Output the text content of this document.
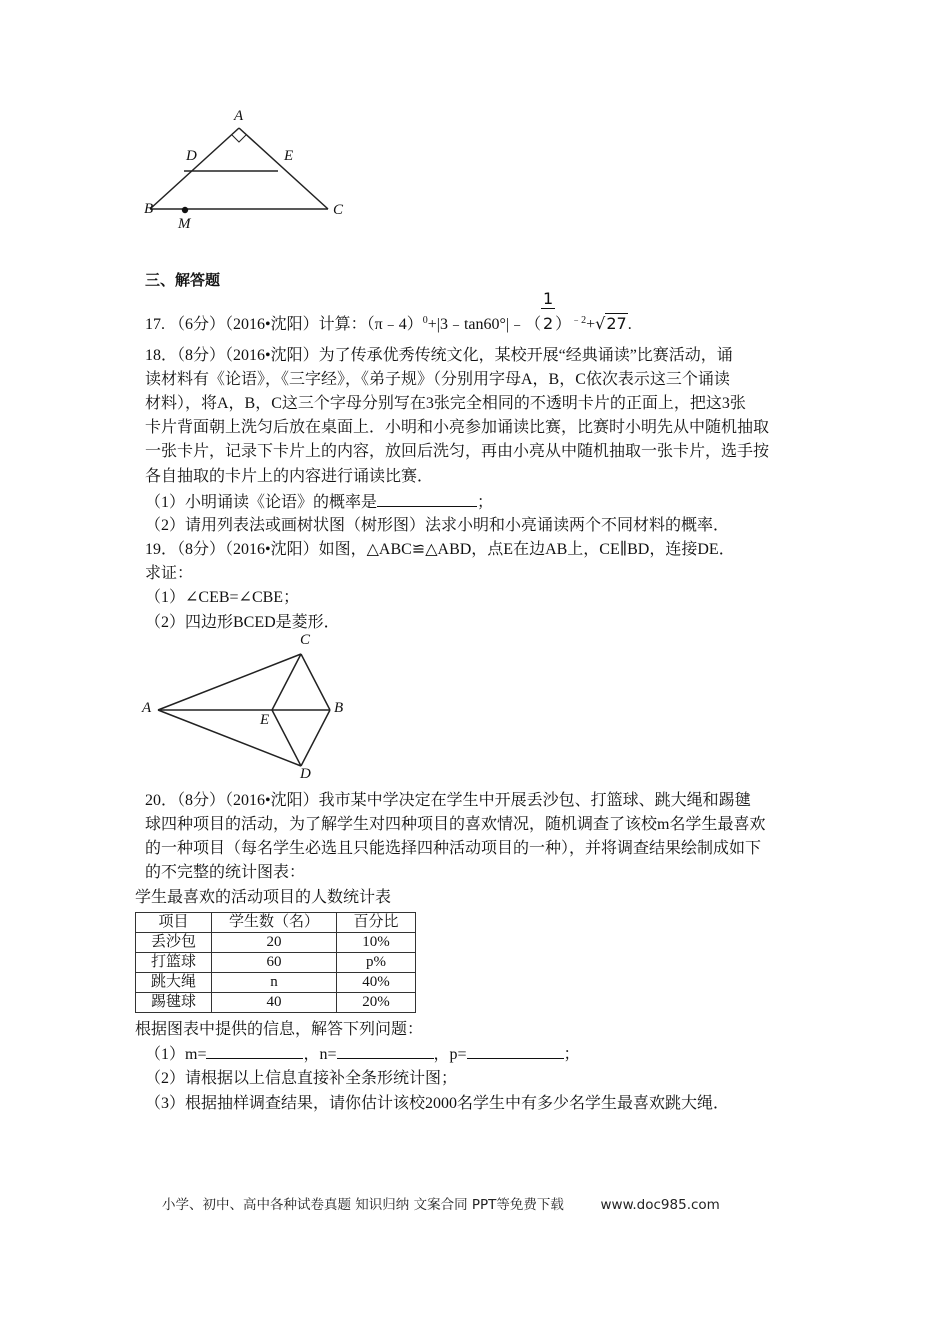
A
D	E
B	C
M
三、解答题
17. （6分）（2016•沈阳）计算：（π﹣4）$^0$+|3﹣tan60°|﹣（ $\frac{1}{2})^{﹣2}+√27$.
18．（8分）（2016•沈阳）为了传承优秀传统文化，某校开展“经典诵读”比赛活动，诵
读材料有《论语》，《三字经》，《弟子规》（分别用字母A，B，C依次表示这三个诵读
材料），将A，B，C这三个字母分别写在3张完全相同的不透明卡片的正面上，把这3张
卡片背面朝上洗匀后放在桌面上．小明和小亮参加诵读比赛，比赛时小明先从中随机抽取
一张卡片，记录下卡片上的内容，放回后洗匀，再由小亮从中随机抽取一张卡片，选手按
各自抽取的卡片上的内容进行诵读比赛．
（1）小明诵读《论语》的概率是	；
（2）请用列表法或画树状图（树形图）法求小明和小亮诵读两个不同材料的概率．
19．（8分）（2016•沈阳）如图，△ABC≌△ABD，点E在边AB上，CE∥BD，连接DE．
求证：
（1）∠CEB=∠CBE；
（2）四边形BCED是菱形．
C
A	B
E
D
20．（8分）（2016•沈阳）我市某中学决定在学生中开展丢沙包、打篮球、跳大绳和踢毽
球四种项目的活动，为了解学生对四种项目的喜欢情况，随机调查了该校m名学生最喜欢
的一种项目（每名学生必选且只能选择四种活动项目的一种），并将调查结果绘制成如下
的不完整的统计图表：
学生最喜欢的活动项目的人数统计表
项目	学生数（名）	百分比
丢沙包	20	10%
打篮球	60	p%
跳大绳	n	40%
踢毽球	40	20%
根据图表中提供的信息，解答下列问题：
（1）m=	，n=	，p=	；
（2）请根据以上信息直接补全条形统计图；
（3）根据抽样调查结果，请你估计该校2000名学生中有多少名学生最喜欢跳大绳．
小学、初中、高中各种试卷真题 知识归纳 文案合同 PPT等免费下载	www.doc985.com
